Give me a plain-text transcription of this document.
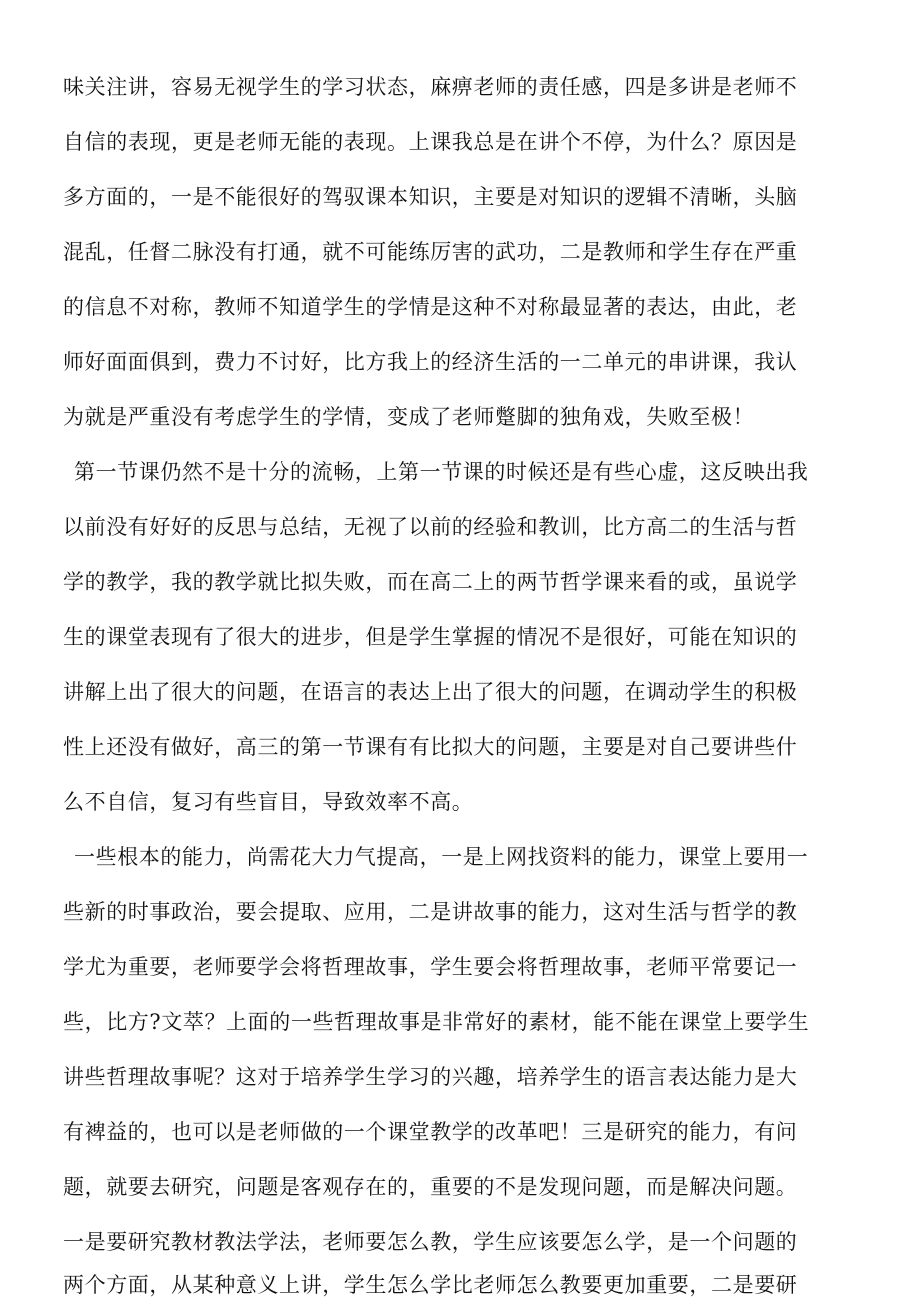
味关注讲，容易无视学生的学习状态，麻痹老师的责任感，四是多讲是老师不
自信的表现，更是老师无能的表现。上课我总是在讲个不停，为什么？原因是
多方面的，一是不能很好的驾驭课本知识，主要是对知识的逻辑不清晰，头脑
混乱，任督二脉没有打通，就不可能练厉害的武功，二是教师和学生存在严重
的信息不对称，教师不知道学生的学情是这种不对称最显著的表达，由此，老
师好面面俱到，费力不讨好，比方我上的经济生活的一二单元的串讲课，我认
为就是严重没有考虑学生的学情，变成了老师蹩脚的独角戏，失败至极！
第一节课仍然不是十分的流畅，上第一节课的时候还是有些心虚，这反映出我
以前没有好好的反思与总结，无视了以前的经验和教训，比方高二的生活与哲
学的教学，我的教学就比拟失败，而在高二上的两节哲学课来看的或，虽说学
生的课堂表现有了很大的进步，但是学生掌握的情况不是很好，可能在知识的
讲解上出了很大的问题，在语言的表达上出了很大的问题，在调动学生的积极
性上还没有做好，高三的第一节课有有比拟大的问题，主要是对自己要讲些什
么不自信，复习有些盲目，导致效率不高。
一些根本的能力，尚需花大力气提高，一是上网找资料的能力，课堂上要用一
些新的时事政治，要会提取、应用，二是讲故事的能力，这对生活与哲学的教
学尤为重要，老师要学会将哲理故事，学生要会将哲理故事，老师平常要记一
些，比方?文萃？上面的一些哲理故事是非常好的素材，能不能在课堂上要学生
讲些哲理故事呢？这对于培养学生学习的兴趣，培养学生的语言表达能力是大
有裨益的，也可以是老师做的一个课堂教学的改革吧！三是研究的能力，有问
题，就要去研究，问题是客观存在的，重要的不是发现问题，而是解决问题。
一是要研究教材教法学法，老师要怎么教，学生应该要怎么学，是一个问题的
两个方面，从某种意义上讲，学生怎么学比老师怎么教要更加重要，二是要研
